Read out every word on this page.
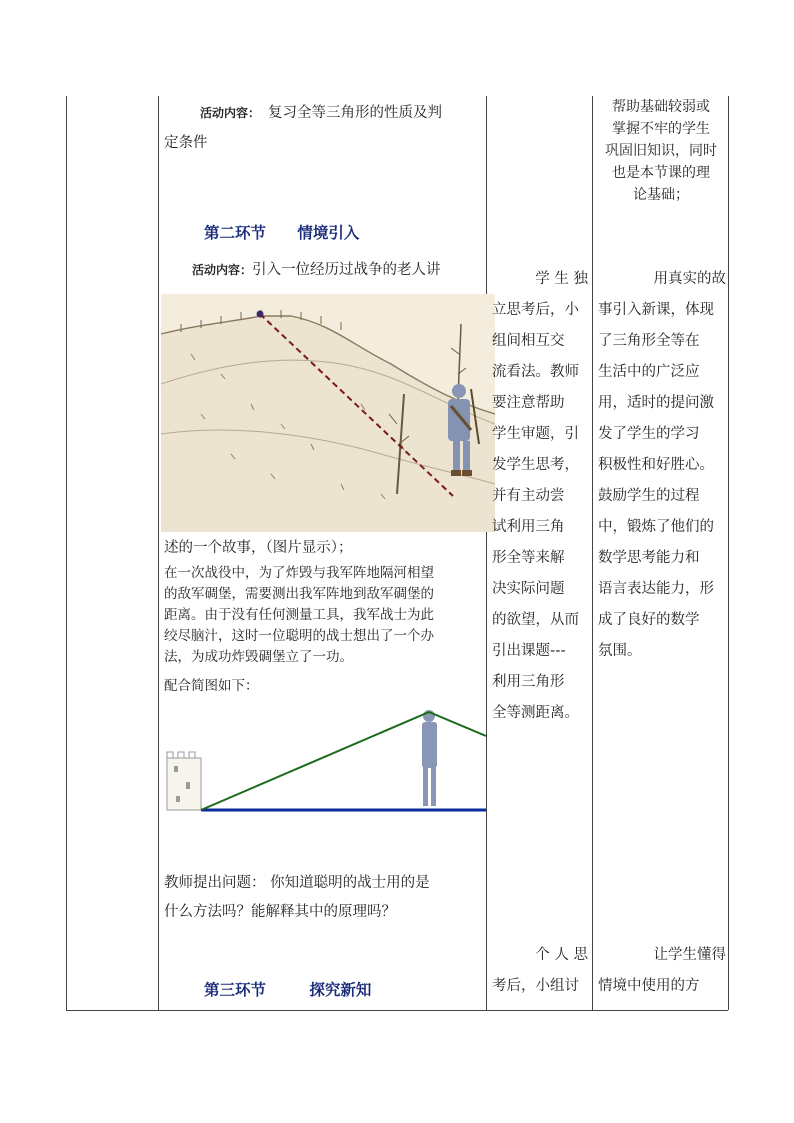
活动内容： 复习全等三角形的性质及判
定条件
帮助基础较弱或
掌握不牢的学生
巩固旧知识，同时
也是本节课的理
论基础；
第二环节 情境引入
活动内容：引入一位经历过战争的老人讲
述的一个故事，（图片显示）；
在一次战役中，为了炸毁与我军阵地隔河相望
的敌军碉堡，需要测出我军阵地到敌军碉堡的
距离。由于没有任何测量工具，我军战士为此
绞尽脑汁，这时一位聪明的战士想出了一个办
法，为成功炸毁碉堡立了一功。
配合简图如下：
教师提出问题： 你知道聪明的战士用的是
什么方法吗？能解释其中的原理吗？
学 生 独
立思考后，小
组间相互交
流看法。教师
要注意帮助
学生审题，引
发学生思考，
并有主动尝
试利用三角
形全等来解
决实际问题
的欲望，从而
引出课题---
利用三角形
全等测距离。
用真实的故
事引入新课，体现
了三角形全等在
生活中的广泛应
用，适时的提问激
发了学生的学习
积极性和好胜心。
鼓励学生的过程
中，锻炼了他们的
数学思考能力和
语言表达能力，形
成了良好的数学
氛围。
第三环节	探究新知
个 人 思
考后，小组讨
让学生懂得
情境中使用的方
